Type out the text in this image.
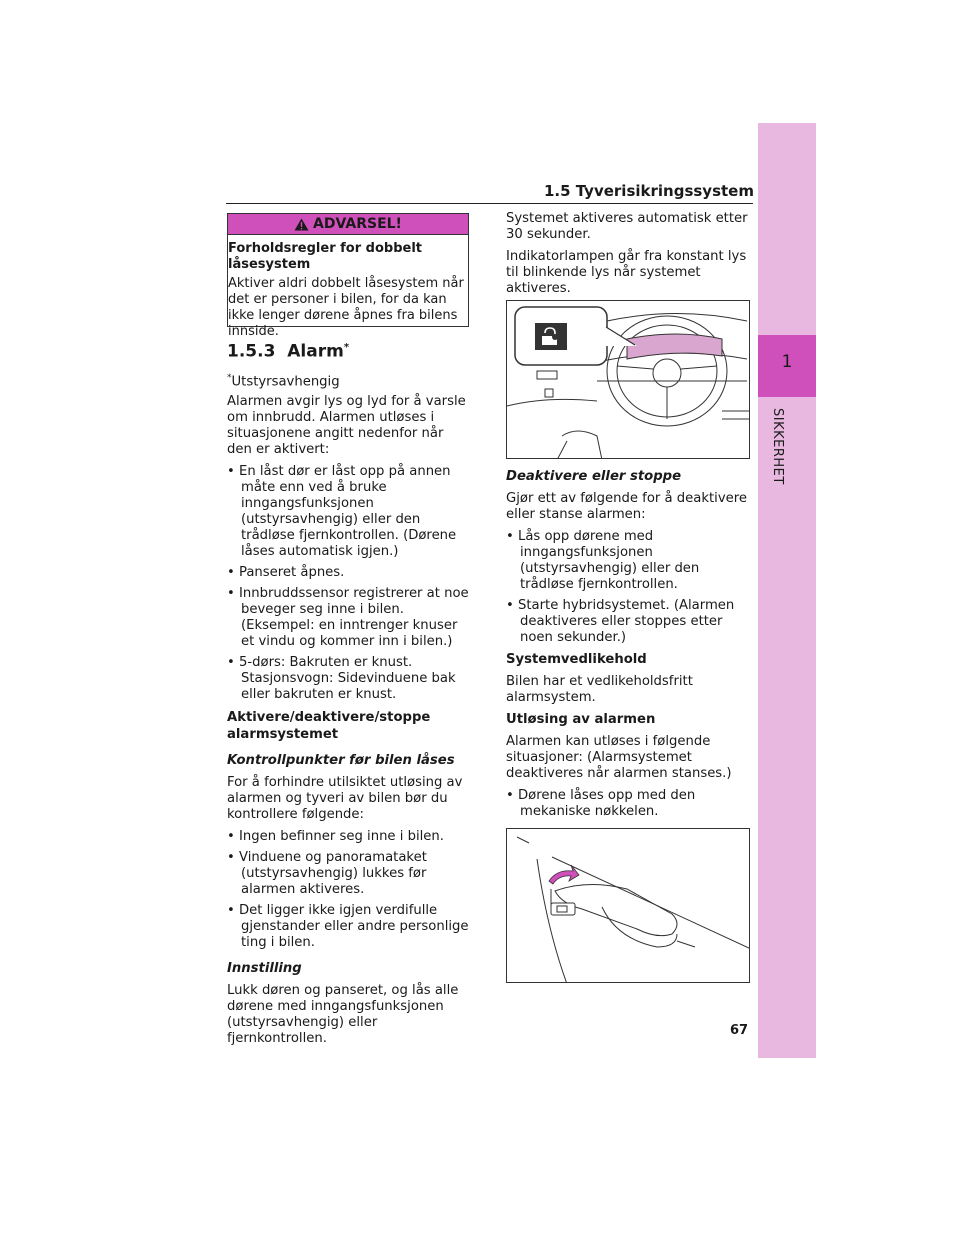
1
SIKKERHET
1.5 Tyverisikringssystem
ADVARSEL!

Forholdsregler for dobbelt låsesystem

Aktiver aldri dobbelt låsesystem når det er personer i bilen, for da kan ikke lenger dørene åpnes fra bilens innside.

1.5.3 Alarm*

*Utstyrsavhengig

Alarmen avgir lys og lyd for å varsle om innbrudd. Alarmen utløses i situasjonene angitt nedenfor når den er aktivert:

• En låst dør er låst opp på annen måte enn ved å bruke inngangsfunksjonen (utstyrsavhengig) eller den trådløse fjernkontrollen. (Dørene låses automatisk igjen.)

• Panseret åpnes.

• Innbruddssensor registrerer at noe beveger seg inne i bilen. (Eksempel: en inntrenger knuser et vindu og kommer inn i bilen.)

• 5-dørs: Bakruten er knust. Stasjonsvogn: Sidevinduene bak eller bakruten er knust.

Aktivere/deaktivere/stoppe alarmsystemet

Kontrollpunkter før bilen låses

For å forhindre utilsiktet utløsing av alarmen og tyveri av bilen bør du kontrollere følgende:

• Ingen befinner seg inne i bilen.

• Vinduene og panoramataket (utstyrsavhengig) lukkes før alarmen aktiveres.

• Det ligger ikke igjen verdifulle gjenstander eller andre personlige ting i bilen.

Innstilling

Lukk døren og panseret, og lås alle dørene med inngangsfunksjonen (utstyrsavhengig) eller fjernkontrollen.

Systemet aktiveres automatisk etter 30 sekunder.

Indikatorlampen går fra konstant lys til blinkende lys når systemet aktiveres.

Deaktivere eller stoppe

Gjør ett av følgende for å deaktivere eller stanse alarmen:

• Lås opp dørene med inngangsfunksjonen (utstyrsavhengig) eller den trådløse fjernkontrollen.

• Starte hybridsystemet. (Alarmen deaktiveres eller stoppes etter noen sekunder.)

Systemvedlikehold

Bilen har et vedlikeholdsfritt alarmsystem.

Utløsing av alarmen

Alarmen kan utløses i følgende situasjoner: (Alarmsystemet deaktiveres når alarmen stanses.)

• Dørene låses opp med den mekaniske nøkkelen.

67
